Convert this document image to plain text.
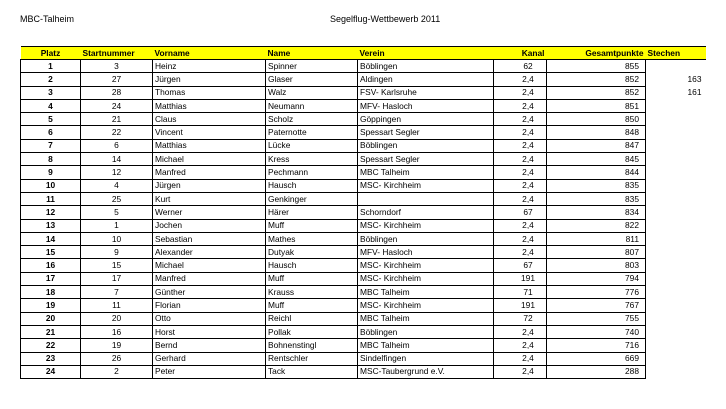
MBC-Talheim	Segelflug-Wettbewerb 2011
Platz	Startnummer	Vorname	Name	Verein	Kanal	Gesamtpunkte	Stechen
1	3	Heinz	Spinner	Böblingen	62	855	
2	27	Jürgen	Glaser	Aldingen	2,4	852	163
3	28	Thomas	Walz	FSV- Karlsruhe	2,4	852	161
4	24	Matthias	Neumann	MFV- Hasloch	2,4	851	
5	21	Claus	Scholz	Göppingen	2,4	850	
6	22	Vincent	Paternotte	Spessart Segler	2,4	848	
7	6	Matthias	Lücke	Böblingen	2,4	847	
8	14	Michael	Kress	Spessart Segler	2,4	845	
9	12	Manfred	Pechmann	MBC Talheim	2,4	844	
10	4	Jürgen	Hausch	MSC- Kirchheim	2,4	835	
11	25	Kurt	Genkinger		2,4	835	
12	5	Werner	Härer	Schorndorf	67	834	
13	1	Jochen	Muff	MSC- Kirchheim	2,4	822	
14	10	Sebastian	Mathes	Böblingen	2,4	811	
15	9	Alexander	Dutyak	MFV- Hasloch	2,4	807	
16	15	Michael	Hausch	MSC- Kirchheim	67	803	
17	17	Manfred	Muff	MSC- Kirchheim	191	794	
18	7	Günther	Krauss	MBC Talheim	71	776	
19	11	Florian	Muff	MSC- Kirchheim	191	767	
20	20	Otto	Reichl	MBC Talheim	72	755	
21	16	Horst	Pollak	Böblingen	2,4	740	
22	19	Bernd	Bohnenstingl	MBC Talheim	2,4	716	
23	26	Gerhard	Rentschler	Sindelfingen	2,4	669	
24	2	Peter	Tack	MSC-Taubergrund e.V.	2,4	288	
